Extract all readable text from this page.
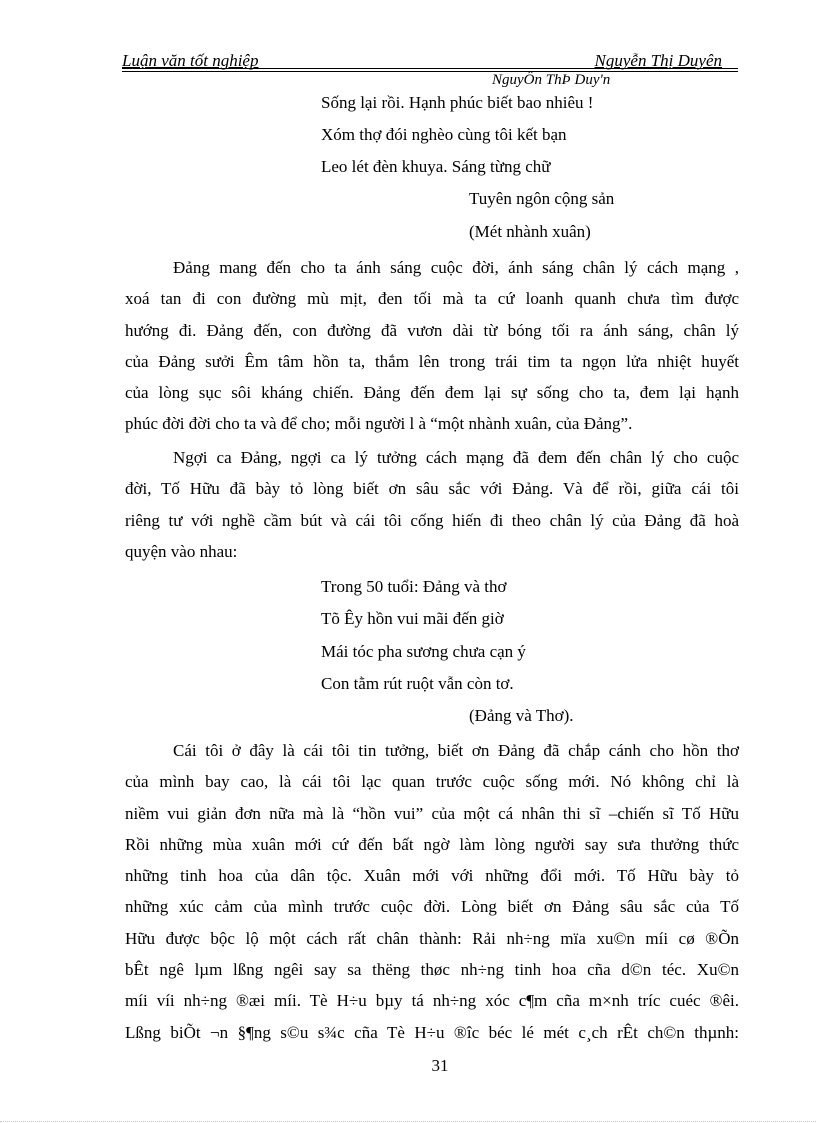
Luận văn tốt nghiệp	Nguyễn Thị Duyên
NguyÔn ThÞ Duy'n
Sống lại rồi. Hạnh phúc biết bao nhiêu !
Xóm thợ đói nghèo cùng tôi kết bạn
Leo lét đèn khuya. Sáng từng chữ
Tuyên ngôn cộng sản
(Mét nhành xuân)
Đảng mang đến cho ta ánh sáng cuộc đời, ánh sáng chân lý cách mạng ,
xoá tan đi con đường mù mịt, đen tối mà ta cứ loanh quanh chưa tìm được
hướng đi. Đảng đến, con đường đã vươn dài từ bóng tối ra ánh sáng, chân lý
của Đảng sưởi Êm tâm hồn ta, thắm lên trong trái tim ta ngọn lửa nhiệt huyết
của lòng sục sôi kháng chiến. Đảng đến đem lại sự sống cho ta, đem lại hạnh
phúc đời đời cho ta và để cho; mỗi người l à “một nhành xuân, của Đảng”.
Ngợi ca Đảng, ngợi ca lý tưởng cách mạng đã đem đến chân lý cho cuộc
đời, Tố Hữu đã bày tỏ lòng biết ơn sâu sắc với Đảng. Và để rồi, giữa cái tôi
riêng tư với nghề cầm bút và cái tôi cống hiến đi theo chân lý của Đảng đã hoà
quyện vào nhau:
Trong 50 tuổi: Đảng và thơ
Tõ Êy hồn vui mãi đến giờ
Mái tóc pha sương chưa cạn ý
Con tằm rút ruột vẫn còn tơ.
(Đảng và Thơ).
Cái tôi ở đây là cái tôi tin tưởng, biết ơn Đảng đã chắp cánh cho hồn thơ
của mình bay cao, là cái tôi lạc quan trước cuộc sống mới. Nó không chỉ là
niềm vui giản đơn nữa mà là “hồn vui” của một cá nhân thi sĩ –chiến sĩ Tố Hữu
Rồi những mùa xuân mới cứ đến bất ngờ làm lòng người say sưa thưởng thức
những tinh hoa của dân tộc. Xuân mới với những đổi mới. Tố Hữu bày tỏ
những xúc cảm của mình trước cuộc đời. Lòng biết ơn Đảng sâu sắc của Tố
Hữu được bộc lộ một cách rất chân thành: Rải nh÷ng mïa xu©n míi cø ®Õn
bÊt ngê lµm lßng ngêi say sa thëng thøc nh÷ng tinh hoa cña d©n téc. Xu©n
míi víi nh÷ng ®æi míi. Tè H÷u bµy tá nh÷ng xóc c¶m cña m×nh tríc cuéc ®êi.
Lßng biÕt ¬n §¶ng s©u s¾c cña Tè H÷u ®îc béc lé mét c¸ch rÊt ch©n thµnh:
31
